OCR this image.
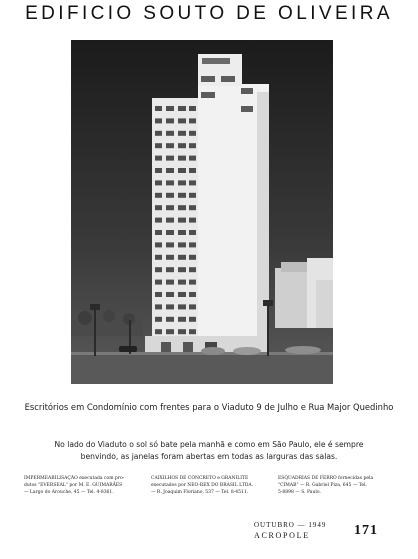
EDIFICIO SOUTO DE OLIVEIRA
Escritórios em Condomínio com frentes para o Viaduto 9 de Julho e Rua Major Quedinho
No lado do Viaduto o sol só bate pela manhã e como em São Paulo, ele é sempre
benvindo, as janelas foram abertas em todas as larguras das salas.
IMPERMEABILISAÇÃO executada com pro-
dutos "EVERSEAL" por M. E. GUIMARÃES
— Largo do Arouche, 45 — Tel. 4-8361.
CAIXILHOS DE CONCRETO e GRANILITE
executados por NEO-REX DO BRASIL LTDA.
— R. Joaquim Floriano, 537 — Tel. 8-4511.
ESQUADRIAS DE FERRO fornecidas pela
"CIMAB" — R. Gabriel Piza, 645 — Tel.
5-8898 — S. Paulo.
OUTUBRO — 1949
ACROPOLE	171
